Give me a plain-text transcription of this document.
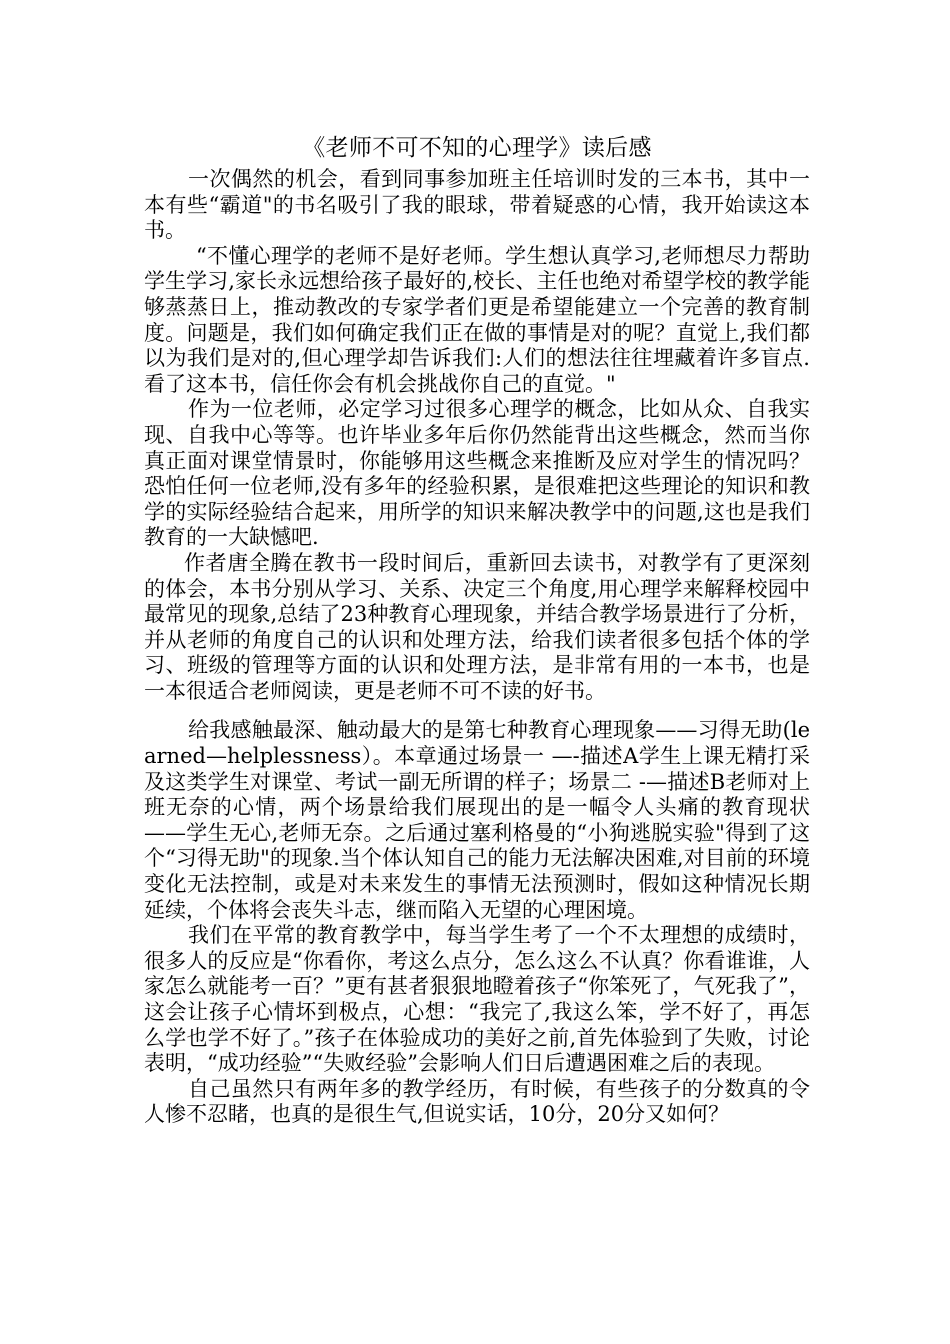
《老师不可不知的心理学》读后感

一次偶然的机会，看到同事参加班主任培训时发的三本书，其中一本有些“霸道"的书名吸引了我的眼球，带着疑惑的心情，我开始读这本书。

“不懂心理学的老师不是好老师。学生想认真学习,老师想尽力帮助学生学习,家长永远想给孩子最好的,校长、主任也绝对希望学校的教学能够蒸蒸日上，推动教改的专家学者们更是希望能建立一个完善的教育制度。问题是，我们如何确定我们正在做的事情是对的呢？直觉上,我们都以为我们是对的,但心理学却告诉我们:人们的想法往往埋藏着许多盲点.看了这本书，信任你会有机会挑战你自己的直觉。"

作为一位老师，必定学习过很多心理学的概念，比如从众、自我实现、自我中心等等。也许毕业多年后你仍然能背出这些概念，然而当你真正面对课堂情景时，你能够用这些概念来推断及应对学生的情况吗？恐怕任何一位老师,没有多年的经验积累，是很难把这些理论的知识和教学的实际经验结合起来，用所学的知识来解决教学中的问题,这也是我们教育的一大缺憾吧.

作者唐全腾在教书一段时间后，重新回去读书，对教学有了更深刻的体会，本书分别从学习、关系、决定三个角度,用心理学来解释校园中最常见的现象,总结了23种教育心理现象，并结合教学场景进行了分析，并从老师的角度自己的认识和处理方法，给我们读者很多包括个体的学习、班级的管理等方面的认识和处理方法，是非常有用的一本书，也是一本很适合老师阅读，更是老师不可不读的好书。

给我感触最深、触动最大的是第七种教育心理现象——习得无助(learned—helplessness）。本章通过场景一 —-描述A学生上课无精打采及这类学生对课堂、考试一副无所谓的样子；场景二 -—描述B老师对上班无奈的心情，两个场景给我们展现出的是一幅令人头痛的教育现状——学生无心,老师无奈。之后通过塞利格曼的“小狗逃脱实验"得到了这个“习得无助"的现象.当个体认知自己的能力无法解决困难,对目前的环境变化无法控制，或是对未来发生的事情无法预测时，假如这种情况长期延续，个体将会丧失斗志，继而陷入无望的心理困境。

我们在平常的教育教学中，每当学生考了一个不太理想的成绩时，很多人的反应是“你看你，考这么点分，怎么这么不认真？你看谁谁，人家怎么就能考一百？”更有甚者狠狠地瞪着孩子“你笨死了，气死我了”，这会让孩子心情坏到极点，心想：“我完了,我这么笨，学不好了，再怎么学也学不好了。”孩子在体验成功的美好之前,首先体验到了失败，讨论表明，“成功经验”“失败经验”会影响人们日后遭遇困难之后的表现。

自己虽然只有两年多的教学经历，有时候，有些孩子的分数真的令人惨不忍睹，也真的是很生气,但说实话，10分，20分又如何？
